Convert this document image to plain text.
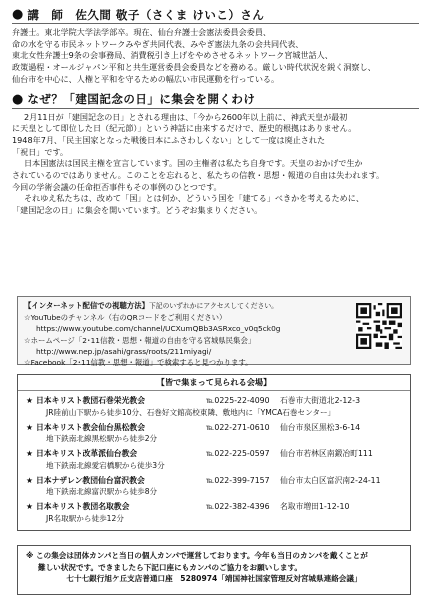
● 講　師　佐久間 敬子（さくま けいこ）さん
弁護士。東北学院大学法学部卒。現在、仙台弁護士会憲法委員会委員、
命の水を守る市民ネットワークみやぎ共同代表、みやぎ憲法九条の会共同代表、
東北女性弁護士9条の会事務局、消費税引き上げをやめさせるネットワーク宮城世話人、
政策過程・オールジャパン平和と共生運営委員会委員などを務める。厳しい時代状況を鋭く洞察し、
仙台市を中心に、人権と平和を守るための幅広い市民運動を行っている。
● なぜ？「建国記念の日」に集会を開くわけ
2月11日が「建国記念の日」とされる理由は、「今から2600年以上前に、神武天皇が最初
に天皇として即位した日（紀元節）」という神話に由来するだけで、歴史的根拠はありません。
1948年7月、「民主国家となった戦後日本にふさわしくない」として一度は廃止された
「祝日」です。
日本国憲法は国民主権を宣言しています。国の主権者は私たち自身です。天皇のおかげで生か
されているのではありません。このことを忘れると、私たちの信教・思想・報道の自由は失われます。
今回の学術会議の任命拒否事件もその事例のひとつです。
それゆえ私たちは、改めて「国」とは何か、どういう国を「建てる」べきかを考えるために、
「建国記念の日」に集会を開いています。どうぞお集まりください。
【インターネット配信での視聴方法】下記のいずれかにアクセスしてください。
☆YouTubeのチャンネル（右のQRコードをご利用ください）
https://www.youtube.com/channel/UCXumQBb3ASRxco_v0q5ck0g
☆ホームページ「2･11信教・思想・報道の自由を守る宮城県民集会」
http://www.nep.jp/asahi/grass/roots/211miyagi/
☆Facebook「2･11信教・思想・報道」で検索すると見つかります。
【皆で集まって見られる会場】
★ 日本キリスト教団石巻栄光教会	℡0225-22-4090	石巻市大街道北2-12-3
JR陸前山下駅から徒歩10分、石巻好文館高校東隣、敷地内に「YMCA石巻センター」
★ 日本キリスト教会仙台黒松教会	℡022-271-0610	仙台市泉区黒松3-6-14
地下鉄南北線黒松駅から徒歩2分
★ 日本キリスト改革派仙台教会	℡022-225-0597	仙台市若林区南鍛冶町111
地下鉄南北線愛宕橋駅から徒歩3分
★ 日本ナザレン教団仙台富沢教会	℡022-399-7157	仙台市太白区富沢南2-24-11
地下鉄南北線富沢駅から徒歩8分
★ 日本キリスト教団名取教会	℡022-382-4396	名取市増田1-12-10
JR名取駅から徒歩12分
※ この集会は団体カンパと当日の個人カンパで運営しております。今年も当日のカンパを戴くことが
難しい状況です。できましたら下記口座にもカンパのご協力をお願いします。
七十七銀行旭ケ丘支店普通口座　5280974「靖国神社国家管理反対宮城県連絡会議」
